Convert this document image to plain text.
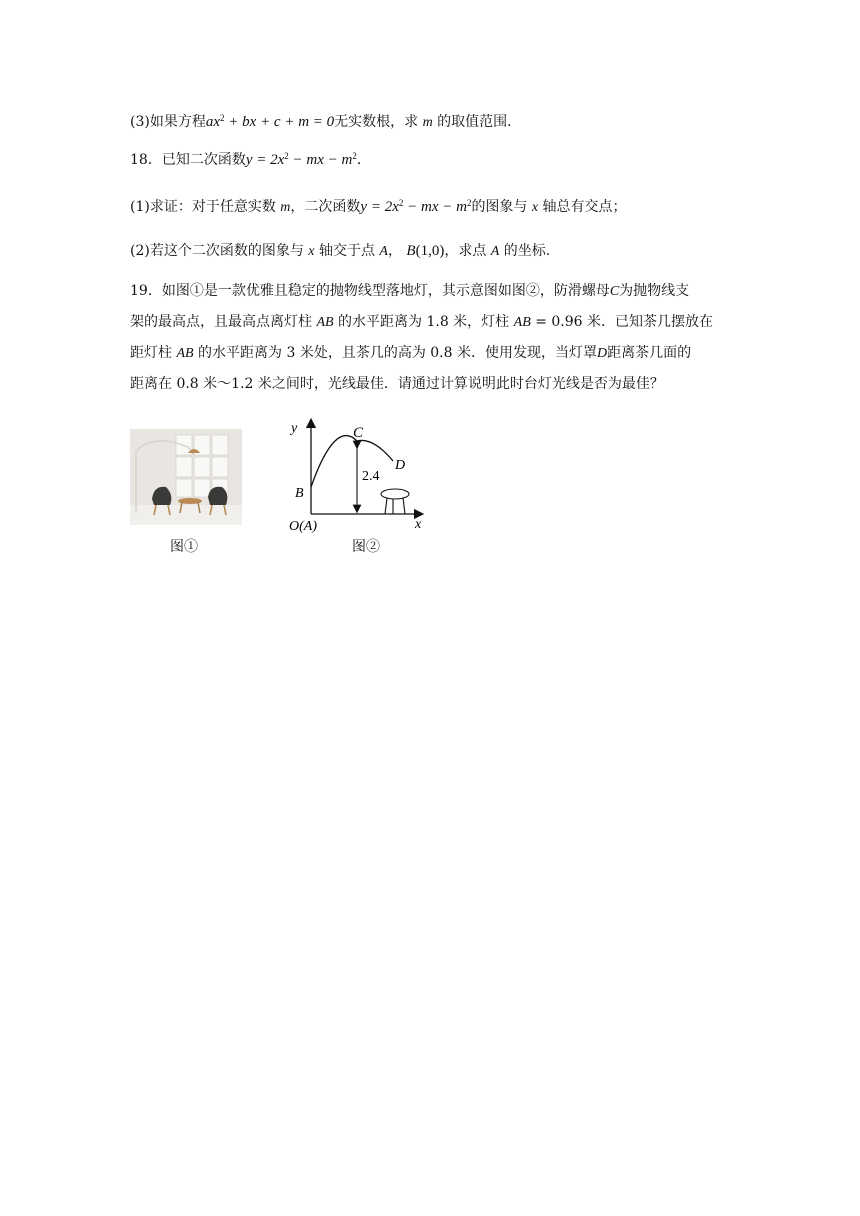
(3)如果方程$ax^2$ + bx + c + m = 0无实数根，求 m 的取值范围.
18．已知二次函数$y = 2x^2$ − mx − $m^2$．
(1)求证：对于任意实数 m，二次函数$y = 2x^2$ − mx − $m^2$的图象与 x 轴总有交点；
(2)若这个二次函数的图象与 x 轴交于点 A， B(1,0)，求点 A 的坐标.
19．如图①是一款优雅且稳定的抛物线型落地灯，其示意图如图②，防滑螺母C为抛物线支
架的最高点，且最高点离灯柱 AB 的水平距离为 1.8 米，灯柱 AB = 0.96 米．已知茶几摆放在
距灯柱 AB 的水平距离为 3 米处，且茶几的高为 0.8 米．使用发现，当灯罩D距离茶几面的
距离在 0.8 米～1.2 米之间时，光线最佳．请通过计算说明此时台灯光线是否为最佳？
图①
y
x
C
D
B
O(A)
2.4
图②
